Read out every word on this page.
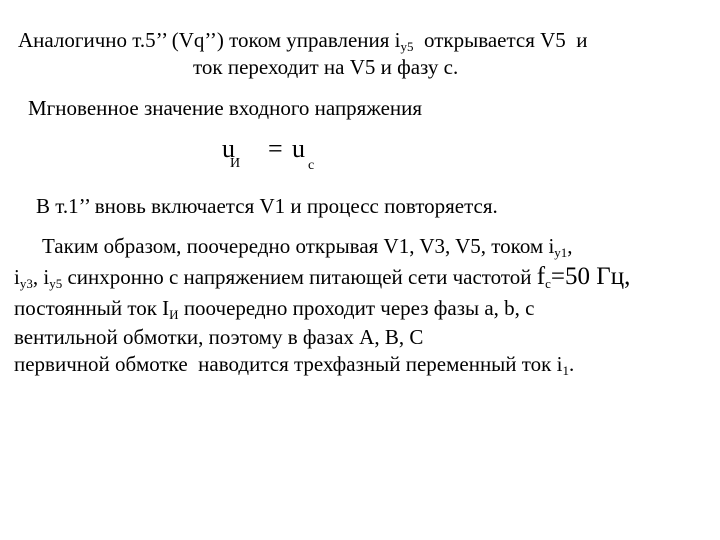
Аналогично т.5’’ (Vq’’) током управления $i_{у5}$  открывается V5  и
ток переходит на V5 и фазу c.
Мгновенное значение входного напряжения
u
И
= u
c
В т.1’’ вновь включается V1 и процесс повторяется.
Таким образом, поочередно открывая V1, V3, V5, током $i_{у1}$,
$i_{у3}$, $i_{у5}$ синхронно с напряжением питающей сети частотой $f_c=50$ Гц,
постоянный ток $I_И$ поочередно проходит через фазы a, b, c
вентильной обмотки, поэтому в фазах A, B, C
первичной обмотке  наводится трехфазный переменный ток $i_1$.
